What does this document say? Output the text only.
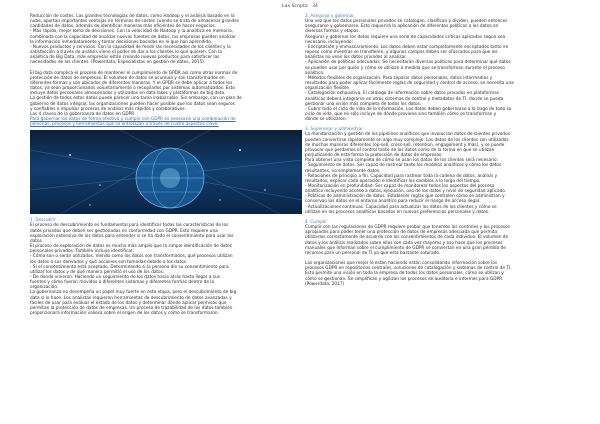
Lax Scripta 34

Reducción de costes. Las grandes tecnologías de datos, como Hadoop y el análisis basado en la

nube, aportan importantes ventajas en términos de costes cuando se trata de almacenar grandes

cantidades de datos, además de identificar maneras más eficientes de hacer negocios.

- Más rápido, mejor toma de decisiones. Con la velocidad de Hadoop y la analítica en memoria,

combinada con la capacidad de analizar nuevas fuentes de datos, las empresas pueden analizar

la información inmediatamente y tomar decisiones basadas en lo que han aprendido.

- Nuevos productos y servicios. Con la capacidad de medir las necesidades de los clientes y la

satisfacción a través de análisis viene el poder de dar a los clientes lo que quieren. Con la

analítica de Big Data, más empresas están creando nuevos productos para satisfacer las

necesidades de los clientes. (Powerdata, Especialistas en gestión de datos, 2015).

El big data complica el proceso de mantener el cumplimiento de GPDR así como otras normas de

protección de datos de empresas. El volumen de datos se acumula y son transformados en

diferentes formas y son ubicados de diferentes maneras. Y el GPDR se debe aplicar a todos los

datos, ya sean proporcionados voluntariamente o recopilados por sistemas automatizados. Esto

incluye datos personales almacenados y utilizados en data lakes y plataformas de big data.

La gestión de todos estos datos puede parecer una tarea inabarcable. Sin embargo, con un plan de

gobierno de datos integral, las organizaciones pueden hacer posible que los datos sean seguros

y confiables e impulsar procesos de análisis más rápidos y colaborativos.

Las 4 claves de la gobernanza de datos en GDPR

Para gobernar los datos de forma efectiva y cumplir con GDPR es necesario una combinación de

personas, procesos y herramientas que se entrelazan a través de cuatro aspectos clave:

1. Descubrir

El proceso de descubrimiento es fundamental para identificar todas las características de los

datos privados que deben ser gestionadas en conformidad con GDPR. Esto requiere una

exploración extensiva de los datos para entender si se ha dado el consentimiento para usar los

datos.

El proceso de exploración de datos es mucho más amplio que la simple identificación de datos

personales privados. También incluye identificar:

- Cómo son o serán utilizados. Viendo como los datos son transformados, qué procesos utilizan

los datos o sus derivados y qué acciones son tomadas debido a los datos.

- Si el consentimiento está aceptado. Determinando si la persona dio su consentimiento para

utilizar los datos y de qué manera permitió el uso de los datos.

- De donde vinieron. Haciendo un seguimiento de los datos hacia atrás hasta llegar a sus

fuentes y cómo fueron movidos a diferentes sistemas y diferentes formas dentro de la

organización.

La gobernanza no desempeña un papel muy fuerte en esta etapa, pero el descubrimiento de big

data sí lo hace. Los analistas requieren herramientas de descubrimiento de datos avanzadas y

fáciles de usar para evaluar el estado de los datos y determinar dónde aplicar permisos que

permitan la protección de datos de empresas. Un proceso de trazabilidad de los datos también

proporcionará información valiosa sobre el origen de los datos y cómo se transformaron.

2. Asegurar y gobernar

Una vez que los datos personales privados se catalogan, clasifican y dividen, pueden entonces

asegurarse y gobernarse. Esto requerirá la aplicación de diferentes políticas a los datos en

diversas formas y etapas.

Asegurar y gobernar los datos requiere una serie de capacidades críticas aplicadas según sea

necesario, incluyendo:

- Encriptación y enmascaramiento. Los datos deben estar completamente encriptados tanto en

reposo como mientras se transfieren, y algunos campos deben ser ofuscados para que los

analistas no vean los datos privados al analizar.

- Aplicación de políticas adecuadas. Se necesitarán diversas políticas para determinar qué datos

se pueden usar por quién y cómo se utilizan a medida que se transforman durante el proceso

analítico.

- Métodos flexibles de organización. Para separar datos personales, datos intermedios y

resultados para poder aplicar fácilmente reglas de seguridad y control de acceso, se necesita una

organización flexible.

- Catalogación exhaustiva. El catálogo de información sobre datos privados en plataformas

analíticas deberá integrarse en otros sistemas de control y metadatos de TI, donde se pueda

gestionar una visión más completa de todos los datos.

- Cubrir todo el ciclo de vida de la información. Los datos deben gobernarse a lo largo de todo su

ciclo de vida, que no sólo incluye de dónde proviene sino también cómo se transforman y

dónde se utilizaron.

3. Supervisar y administrar

La monitorización y gestión de los pipelines analíticos que involucran datos de clientes privados

pueden convertirse rápidamente en algo muy complejo. Los datos de los clientes son utilizados

de muchas maneras diferentes (op-sell, cross-sell, retention, engagement y más), y se puede

provocar que perdamos el control tanto de los datos como de la forma en que se utilizan

perjudicando de esta forma la protección de datos de empresas.

Para obtener una vista completa de cómo se usan los datos de los clientes será necesario:

- Seguimiento de datos. Ser capaz de rastrear tanto los modelos analíticos y cómo los datos

resultantes, no simplemente datos.

- Relaciones de principio a fin. Capacidad para rastrear toda la cadena de datos, análisis y

resultados, explicar cada operación e identificar los cambios a lo largo del tiempo.

- Monitorización en profundidad. Ser capaz de monitorear todos los aspectos del proceso

analítico incluyendo acceso a datos, ejecución, uso de los datos y nivel de seguridad aplicado.

- Políticas de administración de datos. Establecer reglas que controlen cómo se administran y

conservan los datos en el entorno analítico para reducir el riesgo de acceso ilegal.

- Actualizaciones continuas. Capacidad para actualizar los datos de los clientes y cómo se

utilizan en los procesos analíticos basados en nuevas preferencias personales y datos.

4. Cumplir

Cumplir con las regulaciones de GDPR requiere probar que tenemos los controles y los procesos

apropiados para poder tener una protección de datos de empresas adecuada que permita

utilizarlos correctamente de acuerdo con los consentimientos de cada individuo. El volumen de

datos y los análisis realizados sobre ellos son cada vez mayores y eso hace que los procesos

manuales que informan sobre el cumplimiento de GDPR se conviertan en una gran pérdida de

recursos para un personal de TI ya que está bastante saturado.

Las organizaciones que mejor lo están haciendo están consolidando información sobre los

procesos GDPR en repositorios centrales, soluciones de catalogación y sistemas de control de TI.

Esto permite una visión en toda la empresa de todos los datos personales, cómo se utilizan y

cómo se gestionan. Se simplifican y agilizan los procesos de auditoría e informes para GDPR.

(Powerdata, 2017)
